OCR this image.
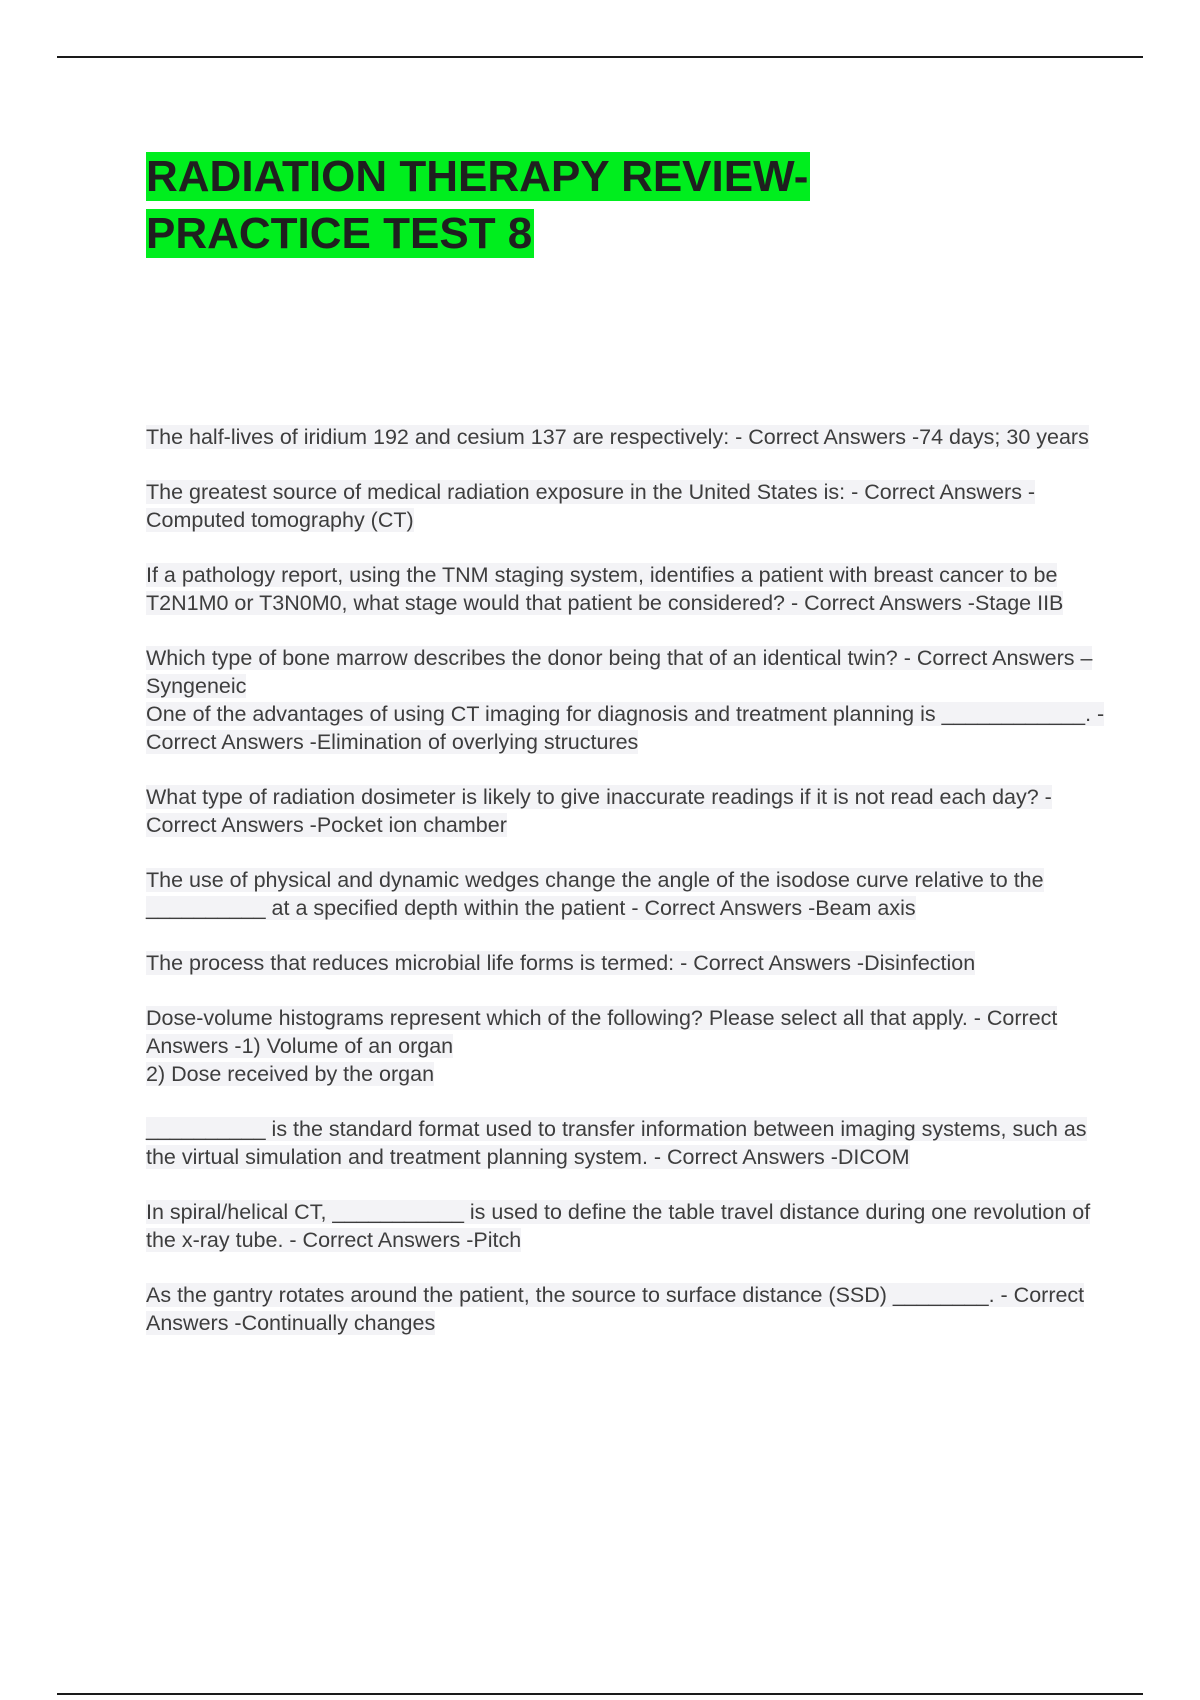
RADIATION THERAPY REVIEW-
PRACTICE TEST 8

The half-lives of iridium 192 and cesium 137 are respectively: - Correct Answers -74 days; 30 years

The greatest source of medical radiation exposure in the United States is: - Correct Answers -Computed tomography (CT)

If a pathology report, using the TNM staging system, identifies a patient with breast cancer to be T2N1M0 or T3N0M0, what stage would that patient be considered? - Correct Answers -Stage IIB

Which type of bone marrow describes the donor being that of an identical twin? - Correct Answers –Syngeneic

One of the advantages of using CT imaging for diagnosis and treatment planning is ____________. - Correct Answers -Elimination of overlying structures

What type of radiation dosimeter is likely to give inaccurate readings if it is not read each day? - Correct Answers -Pocket ion chamber

The use of physical and dynamic wedges change the angle of the isodose curve relative to the __________ at a specified depth within the patient - Correct Answers -Beam axis

The process that reduces microbial life forms is termed: - Correct Answers -Disinfection

Dose-volume histograms represent which of the following? Please select all that apply. - Correct Answers -1) Volume of an organ
2) Dose received by the organ

__________ is the standard format used to transfer information between imaging systems, such as the virtual simulation and treatment planning system. - Correct Answers -DICOM

In spiral/helical CT, ___________ is used to define the table travel distance during one revolution of the x-ray tube. - Correct Answers -Pitch

As the gantry rotates around the patient, the source to surface distance (SSD) ________. - Correct Answers -Continually changes
